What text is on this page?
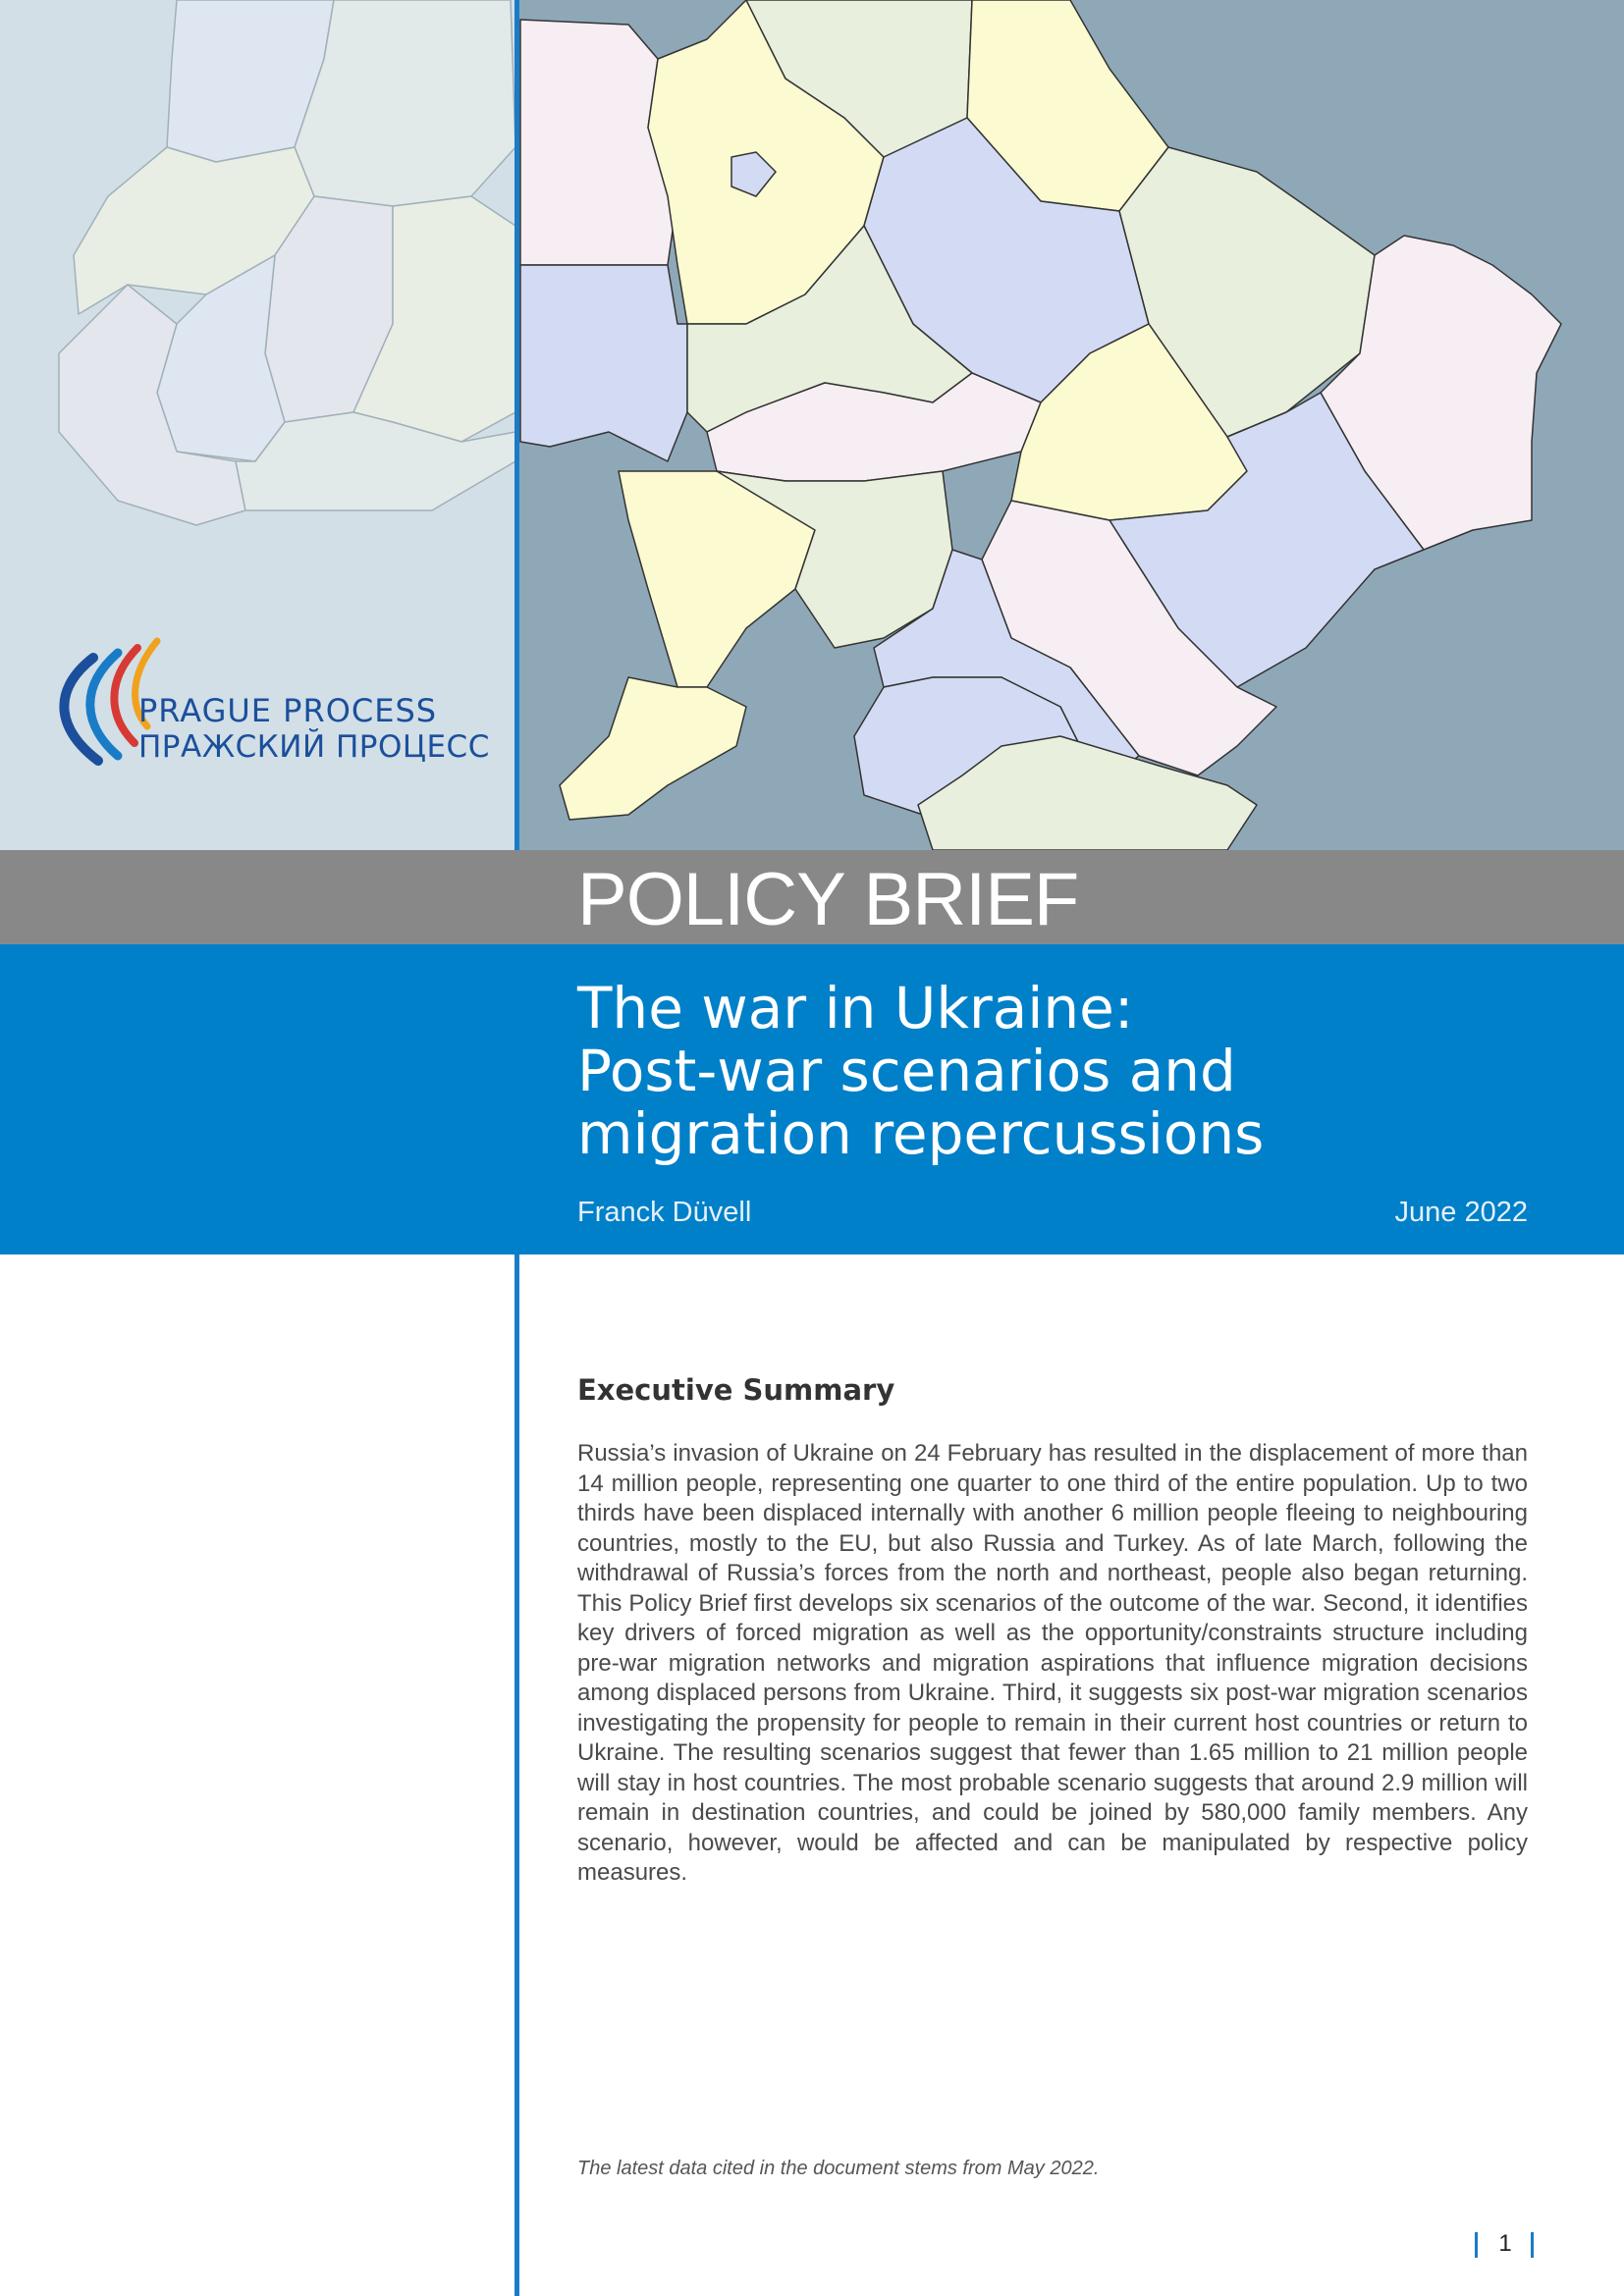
PRAGUE PROCESS
ПРАЖСКИЙ ПРОЦЕСС
POLICY BRIEF
The war in Ukraine:
Post-war scenarios and
migration repercussions
Franck Düvell	June 2022
Executive Summary

Russia’s invasion of Ukraine on 24 February has resulted in the displacement of more than 14 million people, representing one quarter to one third of the entire population. Up to two thirds have been displaced internally with another 6 million people fleeing to neighbouring countries, mostly to the EU, but also Russia and Turkey. As of late March, following the withdrawal of Russia’s forces from the north and northeast, people also began returning. This Policy Brief first develops six scenarios of the outcome of the war. Second, it identifies key drivers of forced migration as well as the opportunity/constraints structure including pre-war migration networks and migration aspirations that influence migration decisions among displaced persons from Ukraine. Third, it suggests six post-war migration scenarios investigating the propensity for people to remain in their current host countries or return to Ukraine. The resulting scenarios suggest that fewer than 1.65 million to 21 million people will stay in host countries. The most probable scenario suggests that around 2.9 million will remain in destination countries, and could be joined by 580,000 family members. Any scenario, however, would be affected and can be manipulated by respective policy measures.

The latest data cited in the document stems from May 2022.
1
